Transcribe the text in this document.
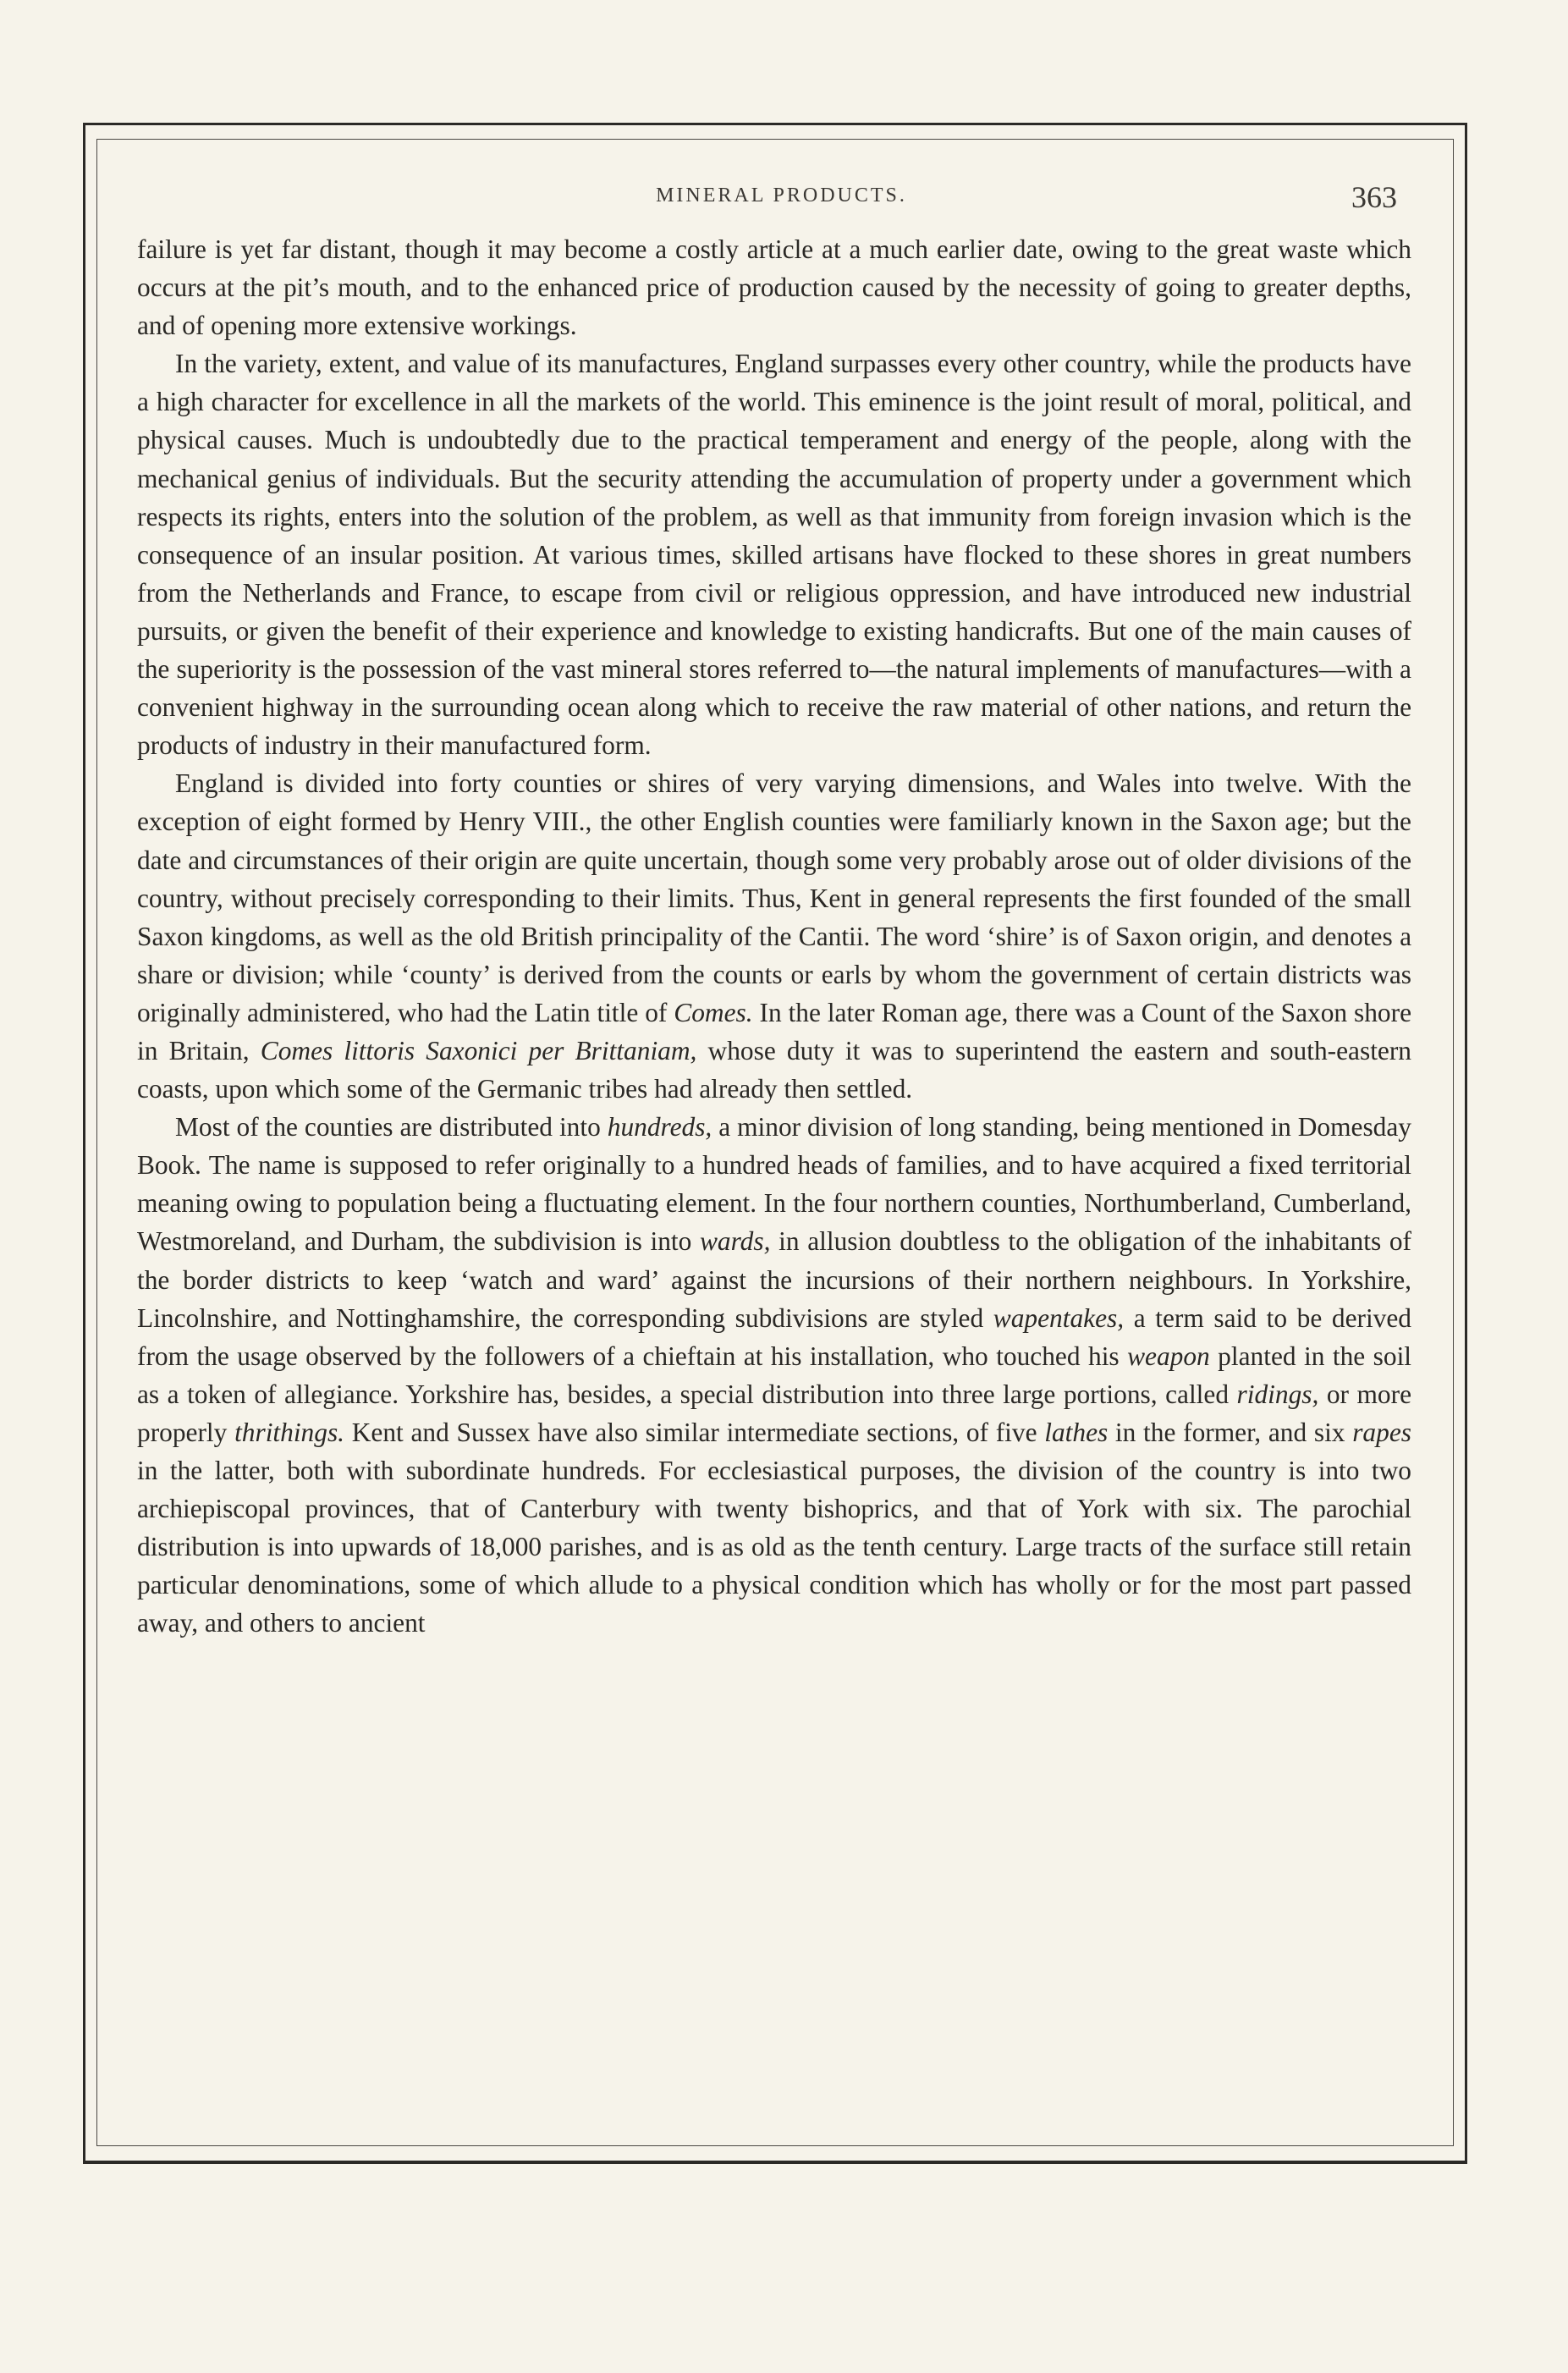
MINERAL PRODUCTS.	363

failure is yet far distant, though it may become a costly article at a much earlier date, owing to the great waste which occurs at the pit’s mouth, and to the enhanced price of production caused by the necessity of going to greater depths, and of opening more extensive workings.

In the variety, extent, and value of its manufactures, England surpasses every other country, while the products have a high character for excellence in all the markets of the world. This eminence is the joint result of moral, political, and physical causes. Much is undoubtedly due to the practical temperament and energy of the people, along with the mechanical genius of individuals. But the security attending the accumulation of property under a government which respects its rights, enters into the solution of the problem, as well as that immunity from foreign invasion which is the consequence of an insular position. At various times, skilled artisans have flocked to these shores in great numbers from the Netherlands and France, to escape from civil or religious oppression, and have introduced new industrial pursuits, or given the benefit of their experience and knowledge to existing handicrafts. But one of the main causes of the superiority is the possession of the vast mineral stores referred to—the natural implements of manufactures—with a convenient highway in the surrounding ocean along which to receive the raw material of other nations, and return the products of industry in their manufactured form.

England is divided into forty counties or shires of very varying dimensions, and Wales into twelve. With the exception of eight formed by Henry VIII., the other English counties were familiarly known in the Saxon age; but the date and circumstances of their origin are quite uncertain, though some very probably arose out of older divisions of the country, without precisely corresponding to their limits. Thus, Kent in general represents the first founded of the small Saxon kingdoms, as well as the old British principality of the Cantii. The word ‘shire’ is of Saxon origin, and denotes a share or division; while ‘county’ is derived from the counts or earls by whom the government of certain districts was originally administered, who had the Latin title of Comes. In the later Roman age, there was a Count of the Saxon shore in Britain, Comes littoris Saxonici per Brittaniam, whose duty it was to superintend the eastern and south-eastern coasts, upon which some of the Germanic tribes had already then settled.

Most of the counties are distributed into hundreds, a minor division of long standing, being mentioned in Domesday Book. The name is supposed to refer originally to a hundred heads of families, and to have acquired a fixed territorial meaning owing to population being a fluctuating element. In the four northern counties, Northumberland, Cumberland, Westmoreland, and Durham, the subdivision is into wards, in allusion doubtless to the obligation of the inhabitants of the border districts to keep ‘watch and ward’ against the incursions of their northern neighbours. In Yorkshire, Lincolnshire, and Nottinghamshire, the corresponding subdivisions are styled wapentakes, a term said to be derived from the usage observed by the followers of a chieftain at his installation, who touched his weapon planted in the soil as a token of allegiance. Yorkshire has, besides, a special distribution into three large portions, called ridings, or more properly thrithings. Kent and Sussex have also similar intermediate sections, of five lathes in the former, and six rapes in the latter, both with subordinate hundreds. For ecclesiastical purposes, the division of the country is into two archiepiscopal provinces, that of Canterbury with twenty bishoprics, and that of York with six. The parochial distribution is into upwards of 18,000 parishes, and is as old as the tenth century. Large tracts of the surface still retain particular denominations, some of which allude to a physical condition which has wholly or for the most part passed away, and others to ancient
